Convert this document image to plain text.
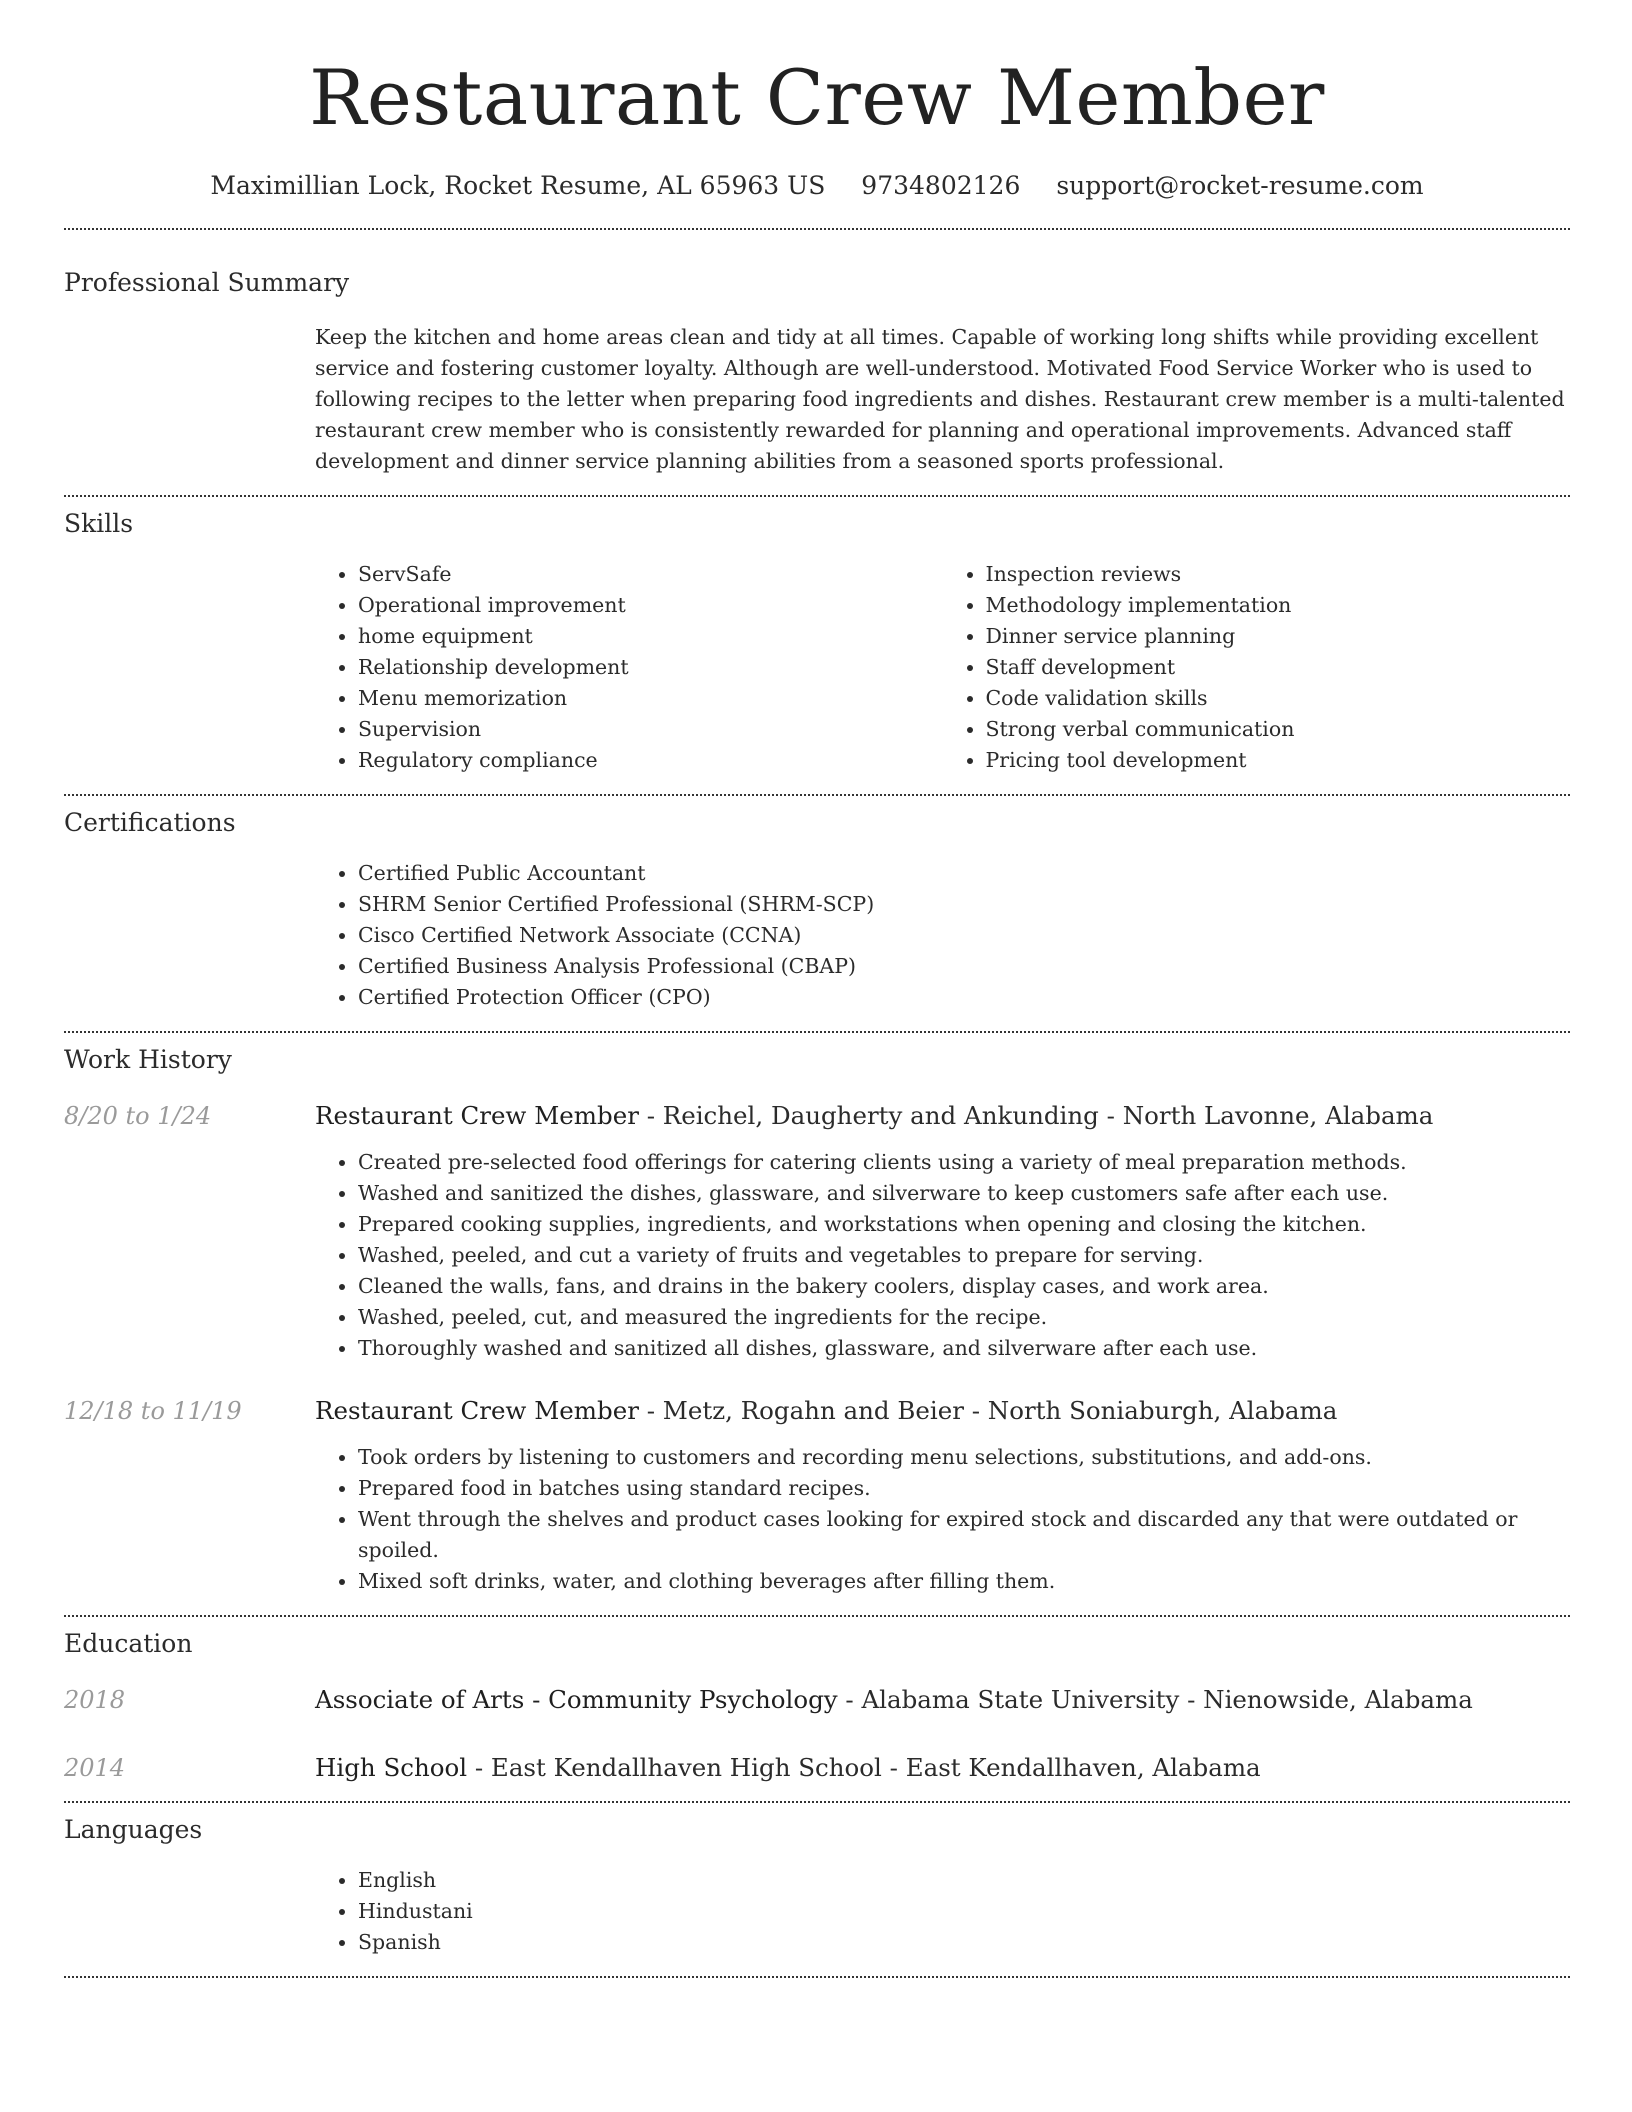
Restaurant Crew Member
Maximillian Lock, Rocket Resume, AL 65963 US 9734802126 support@rocket-resume.com
Professional Summary

Keep the kitchen and home areas clean and tidy at all times. Capable of working long shifts while providing excellent service and fostering customer loyalty. Although are well-understood. Motivated Food Service Worker who is used to following recipes to the letter when preparing food ingredients and dishes. Restaurant crew member is a multi-talented restaurant crew member who is consistently rewarded for planning and operational improvements. Advanced staff development and dinner service planning abilities from a seasoned sports professional.

Skills
• ServSafe
• Operational improvement
• home equipment
• Relationship development
• Menu memorization
• Supervision
• Regulatory compliance
• Inspection reviews
• Methodology implementation
• Dinner service planning
• Staff development
• Code validation skills
• Strong verbal communication
• Pricing tool development
Certifications
• Certified Public Accountant
• SHRM Senior Certified Professional (SHRM-SCP)
• Cisco Certified Network Associate (CCNA)
• Certified Business Analysis Professional (CBAP)
• Certified Protection Officer (CPO)
Work History
8/20 to 1/24	Restaurant Crew Member - Reichel, Daugherty and Ankunding - North Lavonne, Alabama
• Created pre-selected food offerings for catering clients using a variety of meal preparation methods.
• Washed and sanitized the dishes, glassware, and silverware to keep customers safe after each use.
• Prepared cooking supplies, ingredients, and workstations when opening and closing the kitchen.
• Washed, peeled, and cut a variety of fruits and vegetables to prepare for serving.
• Cleaned the walls, fans, and drains in the bakery coolers, display cases, and work area.
• Washed, peeled, cut, and measured the ingredients for the recipe.
• Thoroughly washed and sanitized all dishes, glassware, and silverware after each use.
12/18 to 11/19	Restaurant Crew Member - Metz, Rogahn and Beier - North Soniaburgh, Alabama
• Took orders by listening to customers and recording menu selections, substitutions, and add-ons.
• Prepared food in batches using standard recipes.
• Went through the shelves and product cases looking for expired stock and discarded any that were outdated or spoiled.
• Mixed soft drinks, water, and clothing beverages after filling them.
Education
2018	Associate of Arts - Community Psychology - Alabama State University - Nienowside, Alabama
2014	High School - East Kendallhaven High School - East Kendallhaven, Alabama
Languages
• English
• Hindustani
• Spanish
